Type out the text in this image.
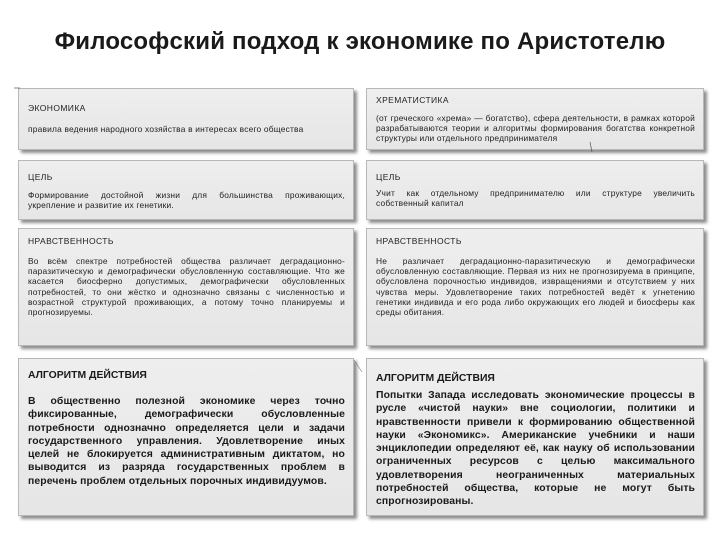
Философский подход к экономике по Аристотелю
ЭКОНОМИКА
правила ведения народного хозяйства в интересах всего общества
ЦЕЛЬ
Формирование достойной жизни для большинства проживающих, укрепление и развитие их генетики.
НРАВСТВЕННОСТЬ
Во всём спектре потребностей общества различает деградационно-паразитическую и демографически обусловленную составляющие. Что же касается биосферно допустимых, демографически обусловленных потребностей, то они жёстко и однозначно связаны с численностью и возрастной структурой проживающих, а потому точно планируемы и прогнозируемы.
АЛГОРИТМ ДЕЙСТВИЯ
В общественно полезной экономике через точно фиксированные, демографически обусловленные потребности однозначно определяется цели и задачи государственного управления. Удовлетворение иных целей не блокируется административным диктатом, но выводится из разряда государственных проблем в перечень проблем отдельных порочных индивидуумов.
ХРЕМАТИСТИКА
(от греческого «хрема» — богатство), сфера деятельности, в рамках которой разрабатываются теории и алгоритмы формирования богатства конкретной структуры или отдельного предпринимателя
ЦЕЛЬ
Учит как отдельному предпринимателю или структуре увеличить собственный капитал
НРАВСТВЕННОСТЬ
Не различает деградационно-паразитическую и демографически обусловленную составляющие. Первая из них не прогнозируема в принципе, обусловлена порочностью индивидов, извращениями и отсутствием у них чувства меры. Удовлетворение таких потребностей ведёт к угнетению генетики индивида и его рода либо окружающих его людей и биосферы как среды обитания.
АЛГОРИТМ ДЕЙСТВИЯ
Попытки Запада исследовать экономические процессы в русле «чистой науки» вне социологии, политики и нравственности привели к формированию общественной науки «Экономикс». Американские учебники и наши энциклопедии определяют её, как науку об использовании ограниченных ресурсов с целью максимального удовлетворения неограниченных материальных потребностей общества, которые не могут быть спрогнозированы.
